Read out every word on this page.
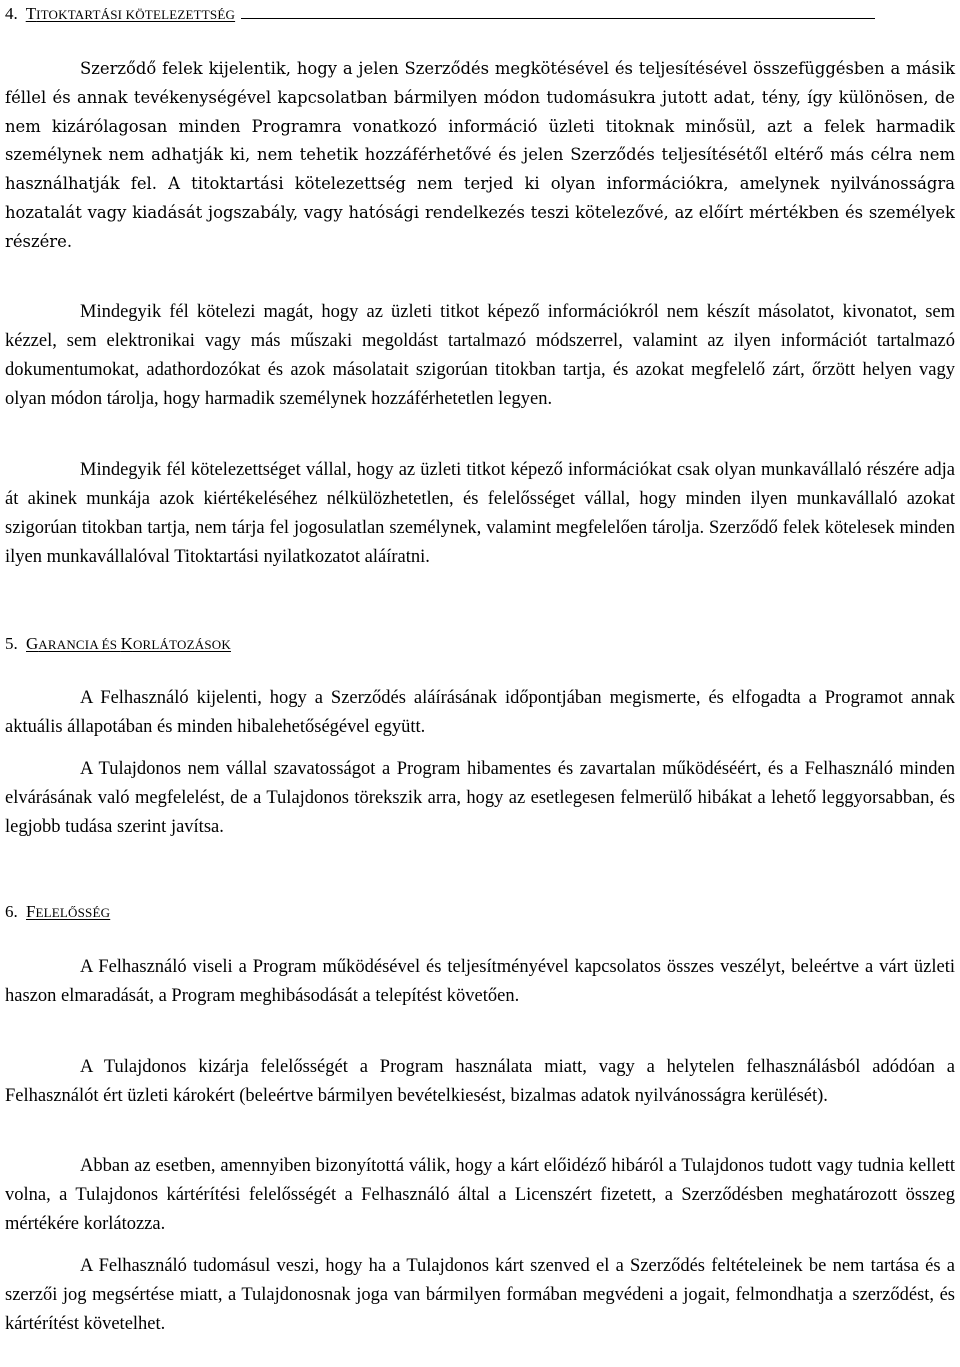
4. TITOKTARTÁSI KÖTELEZETTSÉG

Szerződő felek kijelentik, hogy a jelen Szerződés megkötésével és teljesítésével összefüggésben a másik féllel és annak tevékenységével kapcsolatban bármilyen módon tudomásukra jutott adat, tény, így különösen, de nem kizárólagosan minden Programra vonatkozó információ üzleti titoknak minősül, azt a felek harmadik személynek nem adhatják ki, nem tehetik hozzáférhetővé és jelen Szerződés teljesítésétől eltérő más célra nem használhatják fel. A titoktartási kötelezettség nem terjed ki olyan információkra, amelynek nyilvánosságra hozatalát vagy kiadását jogszabály, vagy hatósági rendelkezés teszi kötelezővé, az előírt mértékben és személyek részére.

Mindegyik fél kötelezi magát, hogy az üzleti titkot képező információkról nem készít másolatot, kivonatot, sem kézzel, sem elektronikai vagy más műszaki megoldást tartalmazó módszerrel, valamint az ilyen információt tartalmazó dokumentumokat, adathordozókat és azok másolatait szigorúan titokban tartja, és azokat megfelelő zárt, őrzött helyen vagy olyan módon tárolja, hogy harmadik személynek hozzáférhetetlen legyen.

Mindegyik fél kötelezettséget vállal, hogy az üzleti titkot képező információkat csak olyan munkavállaló részére adja át akinek munkája azok kiértékeléséhez nélkülözhetetlen, és felelősséget vállal, hogy minden ilyen munkavállaló azokat szigorúan titokban tartja, nem tárja fel jogosulatlan személynek, valamint megfelelően tárolja. Szerződő felek kötelesek minden ilyen munkavállalóval Titoktartási nyilatkozatot aláíratni.

5. GARANCIA ÉS KORLÁTOZÁSOK

A Felhasználó kijelenti, hogy a Szerződés aláírásának időpontjában megismerte, és elfogadta a Programot annak aktuális állapotában és minden hibalehetőségével együtt.

A Tulajdonos nem vállal szavatosságot a Program hibamentes és zavartalan működéséért, és a Felhasználó minden elvárásának való megfelelést, de a Tulajdonos törekszik arra, hogy az esetlegesen felmerülő hibákat a lehető leggyorsabban, és legjobb tudása szerint javítsa.

6. FELELŐSSÉG

A Felhasználó viseli a Program működésével és teljesítményével kapcsolatos összes veszélyt, beleértve a várt üzleti haszon elmaradását, a Program meghibásodását a telepítést követően.

A Tulajdonos kizárja felelősségét a Program használata miatt, vagy a helytelen felhasználásból adódóan a Felhasználót ért üzleti károkért (beleértve bármilyen bevételkiesést, bizalmas adatok nyilvánosságra kerülését).

Abban az esetben, amennyiben bizonyítottá válik, hogy a kárt előidéző hibáról a Tulajdonos tudott vagy tudnia kellett volna, a Tulajdonos kártérítési felelősségét a Felhasználó által a Licenszért fizetett, a Szerződésben meghatározott összeg mértékére korlátozza.

A Felhasználó tudomásul veszi, hogy ha a Tulajdonos kárt szenved el a Szerződés feltételeinek be nem tartása és a szerzői jog megsértése miatt, a Tulajdonosnak joga van bármilyen formában megvédeni a jogait, felmondhatja a szerződést, és kártérítést követelhet.
